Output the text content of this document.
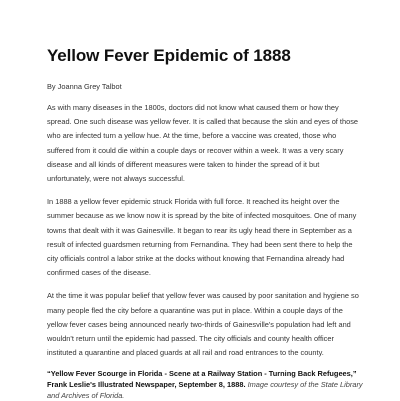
Yellow Fever Epidemic of 1888

By Joanna Grey Talbot

As with many diseases in the 1800s, doctors did not know what caused them or how they spread. One such disease was yellow fever. It is called that because the skin and eyes of those who are infected turn a yellow hue. At the time, before a vaccine was created, those who suffered from it could die within a couple days or recover within a week. It was a very scary disease and all kinds of different measures were taken to hinder the spread of it but unfortunately, were not always successful.

In 1888 a yellow fever epidemic struck Florida with full force. It reached its height over the summer because as we know now it is spread by the bite of infected mosquitoes. One of many towns that dealt with it was Gainesville. It began to rear its ugly head there in September as a result of infected guardsmen returning from Fernandina. They had been sent there to help the city officials control a labor strike at the docks without knowing that Fernandina already had confirmed cases of the disease.

At the time it was popular belief that yellow fever was caused by poor sanitation and hygiene so many people fled the city before a quarantine was put in place. Within a couple days of the yellow fever cases being announced nearly two-thirds of Gainesville's population had left and wouldn't return until the epidemic had passed. The city officials and county health officer instituted a quarantine and placed guards at all rail and road entrances to the county.

“Yellow Fever Scourge in Florida - Scene at a Railway Station - Turning Back Refugees,” Frank Leslie's Illustrated Newspaper, September 8, 1888. Image courtesy of the State Library and Archives of Florida.
